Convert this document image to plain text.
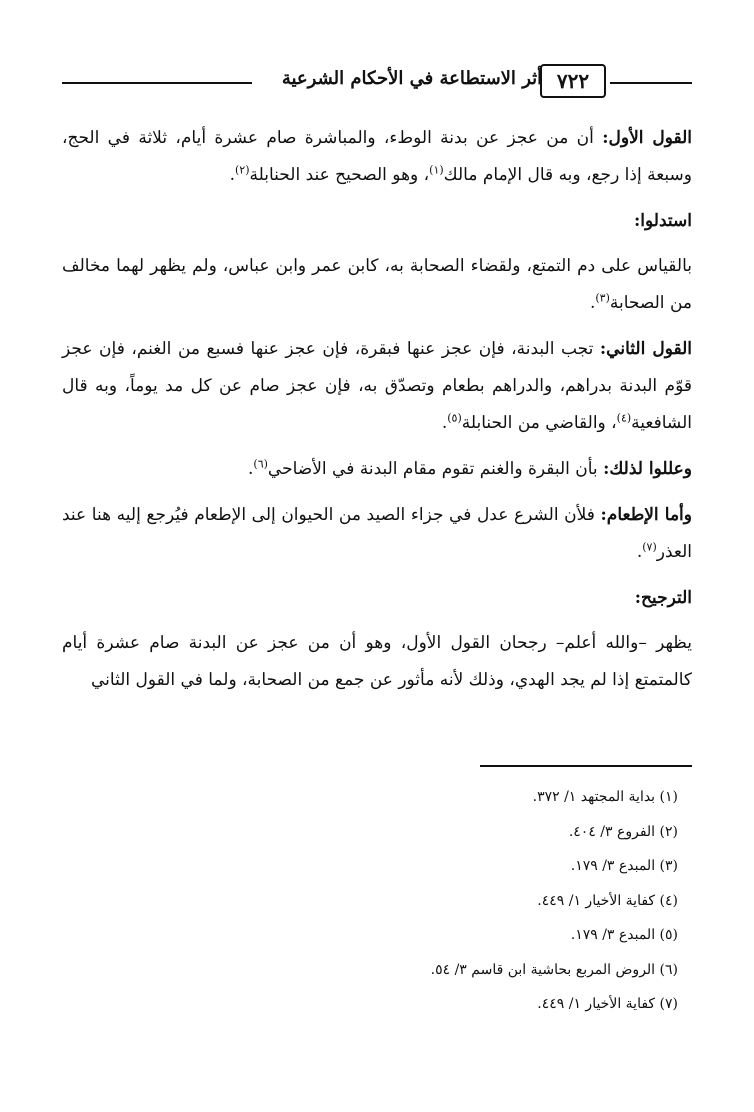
أثر الاستطاعة في الأحكام الشرعية ٧٢٢

القول الأول: أن من عجز عن بدنة الوطء، والمباشرة صام عشرة أيام، ثلاثة في الحج، وسبعة إذا رجع، وبه قال الإمام مالك$^{(١)}$، وهو الصحيح عند الحنابلة$^{(٢)}$.

استدلوا:

بالقياس على دم التمتع، ولقضاء الصحابة به، كابن عمر وابن عباس، ولم يظهر لهما مخالف من الصحابة$^{(٣)}$.

القول الثاني: تجب البدنة، فإن عجز عنها فبقرة، فإن عجز عنها فسبع من الغنم، فإن عجز قوّم البدنة بدراهم، والدراهم بطعام وتصدّق به، فإن عجز صام عن كل مد يوماً، وبه قال الشافعية$^{(٤)}$، والقاضي من الحنابلة$^{(٥)}$.

وعللوا لذلك: بأن البقرة والغنم تقوم مقام البدنة في الأضاحي$^{(٦)}$.

وأما الإطعام: فلأن الشرع عدل في جزاء الصيد من الحيوان إلى الإطعام فيُرجع إليه هنا عند العذر$^{(٧)}$.

الترجيح:

يظهر –والله أعلم– رجحان القول الأول، وهو أن من عجز عن البدنة صام عشرة أيام كالمتمتع إذا لم يجد الهدي، وذلك لأنه مأثور عن جمع من الصحابة، ولما في القول الثاني

(١) بداية المجتهد ١/ ٣٧٢.

(٢) الفروع ٣/ ٤٠٤.

(٣) المبدع ٣/ ١٧٩.

(٤) كفاية الأخيار ١/ ٤٤٩.

(٥) المبدع ٣/ ١٧٩.

(٦) الروض المربع بحاشية ابن قاسم ٣/ ٥٤.

(٧) كفاية الأخيار ١/ ٤٤٩.
